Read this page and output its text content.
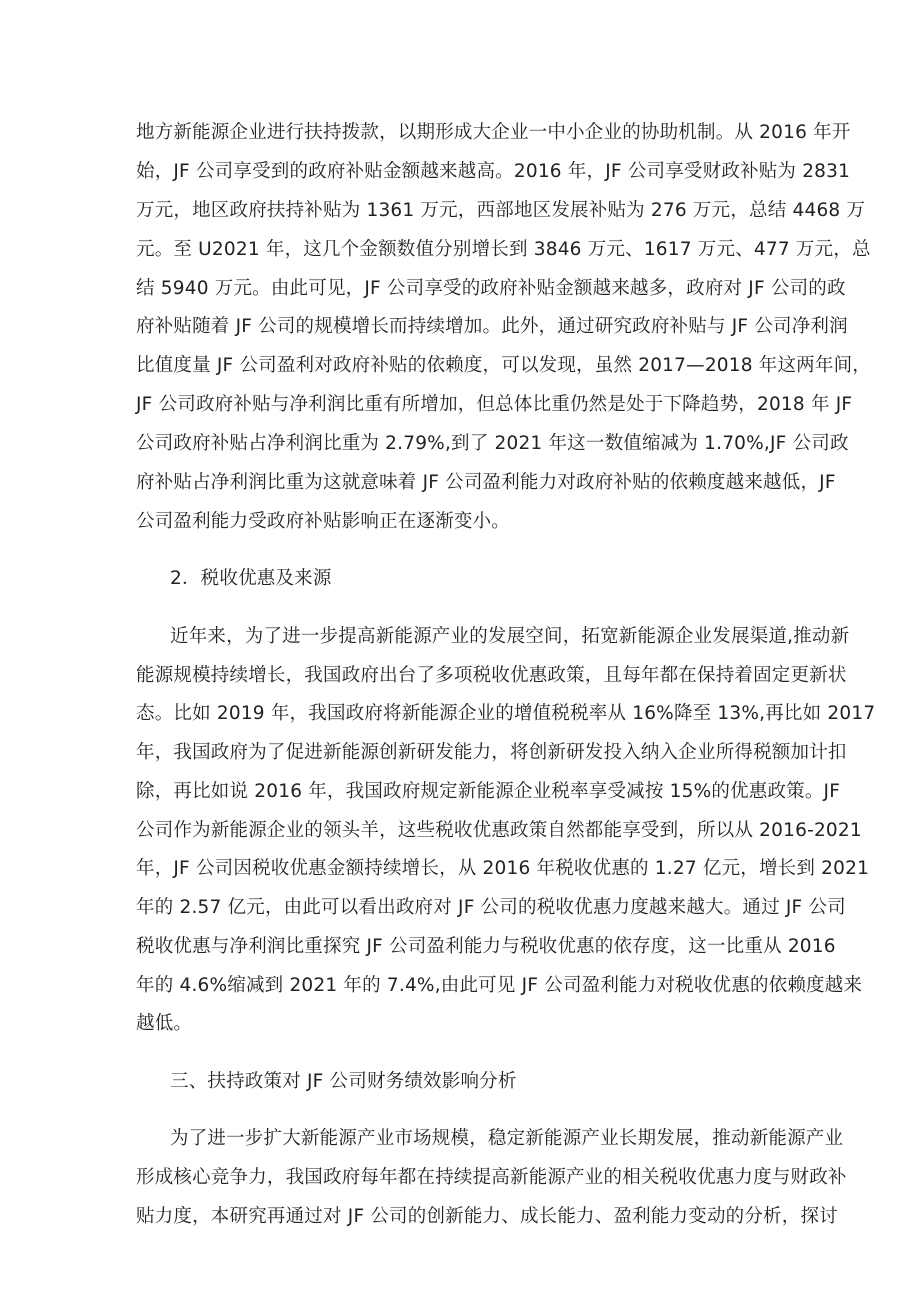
地方新能源企业进行扶持拨款，以期形成大企业一中小企业的协助机制。从 2016 年开
始，JF 公司享受到的政府补贴金额越来越高。2016 年，JF 公司享受财政补贴为 2831
万元，地区政府扶持补贴为 1361 万元，西部地区发展补贴为 276 万元，总结 4468 万
元。至 U2021 年，这几个金额数值分别增长到 3846 万元、1617 万元、477 万元，总
结 5940 万元。由此可见，JF 公司享受的政府补贴金额越来越多，政府对 JF 公司的政
府补贴随着 JF 公司的规模增长而持续增加。此外，通过研究政府补贴与 JF 公司净利润
比值度量 JF 公司盈利对政府补贴的依赖度，可以发现，虽然 2017—2018 年这两年间，
JF 公司政府补贴与净利润比重有所增加，但总体比重仍然是处于下降趋势，2018 年 JF
公司政府补贴占净利润比重为 2.79%,到了 2021 年这一数值缩减为 1.70%,JF 公司政
府补贴占净利润比重为这就意味着 JF 公司盈利能力对政府补贴的依赖度越来越低，JF
公司盈利能力受政府补贴影响正在逐渐变小。
2．税收优惠及来源
近年来，为了进一步提高新能源产业的发展空间，拓宽新能源企业发展渠道,推动新
能源规模持续增长，我国政府出台了多项税收优惠政策，且每年都在保持着固定更新状
态。比如 2019 年，我国政府将新能源企业的增值税税率从 16%降至 13%,再比如 2017
年，我国政府为了促进新能源创新研发能力，将创新研发投入纳入企业所得税额加计扣
除，再比如说 2016 年，我国政府规定新能源企业税率享受减按 15%的优惠政策。JF
公司作为新能源企业的领头羊，这些税收优惠政策自然都能享受到，所以从 2016-2021
年，JF 公司因税收优惠金额持续增长，从 2016 年税收优惠的 1.27 亿元，增长到 2021
年的 2.57 亿元，由此可以看出政府对 JF 公司的税收优惠力度越来越大。通过 JF 公司
税收优惠与净利润比重探究 JF 公司盈利能力与税收优惠的依存度，这一比重从 2016
年的 4.6%缩减到 2021 年的 7.4%,由此可见 JF 公司盈利能力对税收优惠的依赖度越来
越低。
三、扶持政策对 JF 公司财务绩效影响分析
为了进一步扩大新能源产业市场规模，稳定新能源产业长期发展，推动新能源产业
形成核心竞争力，我国政府每年都在持续提高新能源产业的相关税收优惠力度与财政补
贴力度，本研究再通过对 JF 公司的创新能力、成长能力、盈利能力变动的分析，探讨
